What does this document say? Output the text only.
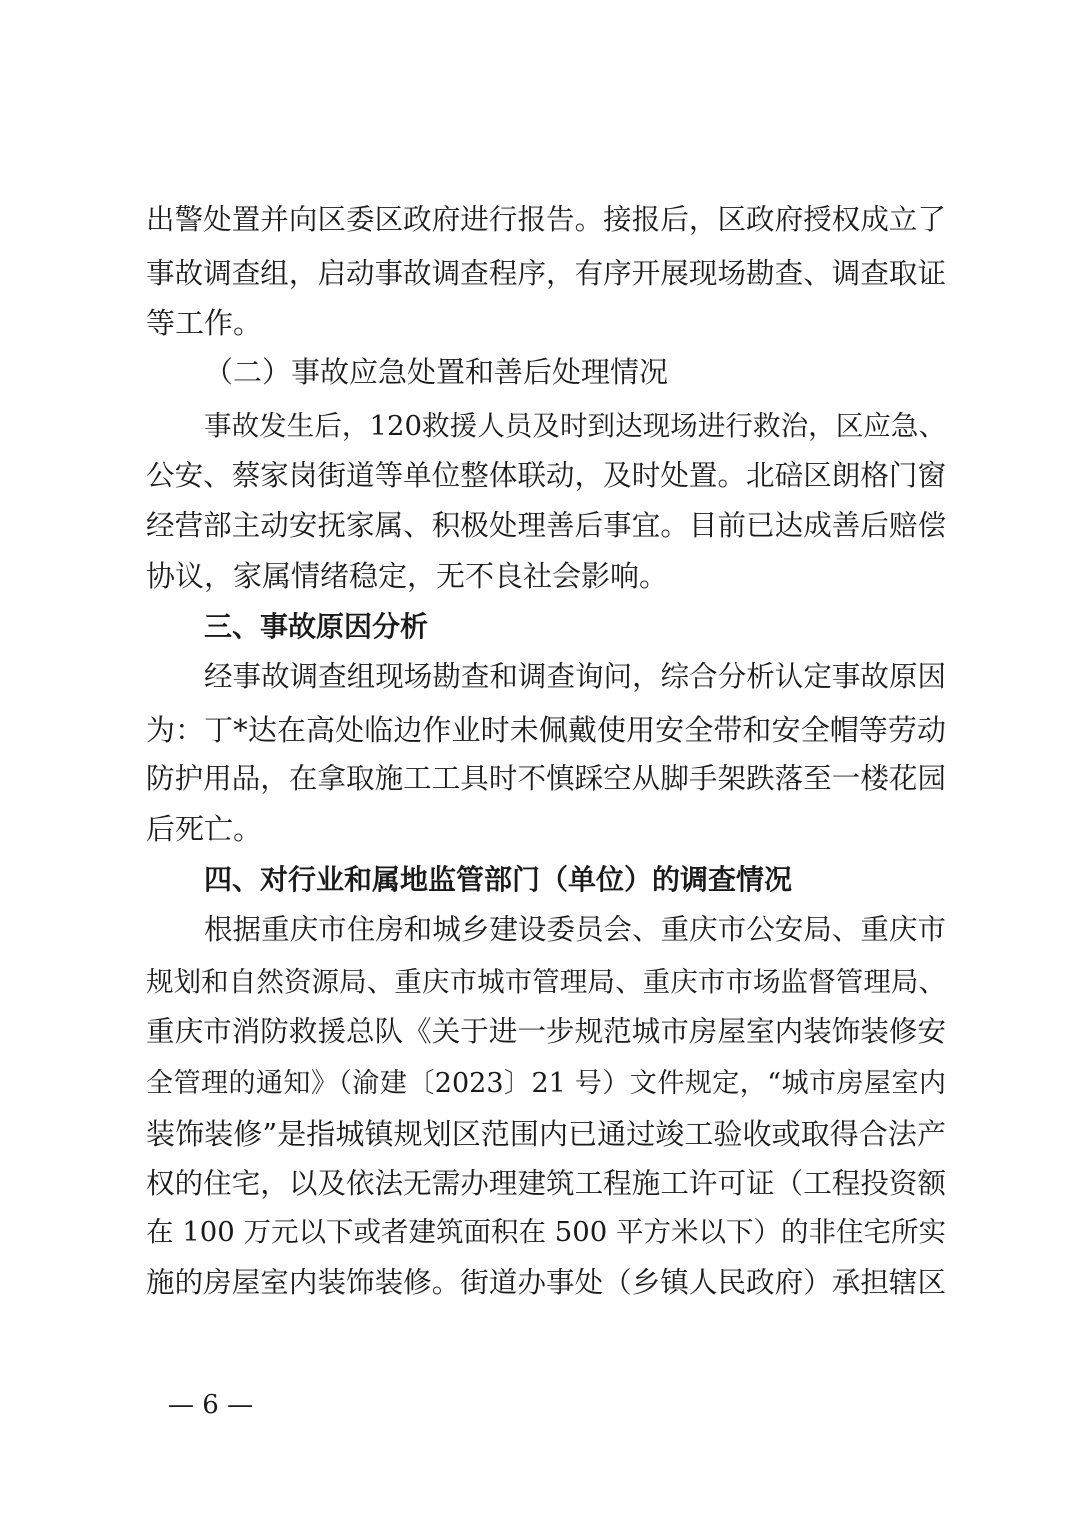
出警处置并向区委区政府进行报告。接报后，区政府授权成立了
事故调查组，启动事故调查程序，有序开展现场勘查、调查取证
等工作。
（二）事故应急处置和善后处理情况
事故发生后，120救援人员及时到达现场进行救治，区应急、
公安、蔡家岗街道等单位整体联动，及时处置。北碚区朗格门窗
经营部主动安抚家属、积极处理善后事宜。目前已达成善后赔偿
协议，家属情绪稳定，无不良社会影响。
三、事故原因分析
经事故调查组现场勘查和调查询问，综合分析认定事故原因
为：丁*达在高处临边作业时未佩戴使用安全带和安全帽等劳动
防护用品，在拿取施工工具时不慎踩空从脚手架跌落至一楼花园
后死亡。
四、对行业和属地监管部门（单位）的调查情况
根据重庆市住房和城乡建设委员会、重庆市公安局、重庆市
规划和自然资源局、重庆市城市管理局、重庆市市场监督管理局、
重庆市消防救援总队《关于进一步规范城市房屋室内装饰装修安
全管理的通知》（渝建〔2023〕21 号）文件规定，“城市房屋室内
装饰装修”是指城镇规划区范围内已通过竣工验收或取得合法产
权的住宅，以及依法无需办理建筑工程施工许可证（工程投资额
在 100 万元以下或者建筑面积在 500 平方米以下）的非住宅所实
施的房屋室内装饰装修。街道办事处（乡镇人民政府）承担辖区
— 6 —
